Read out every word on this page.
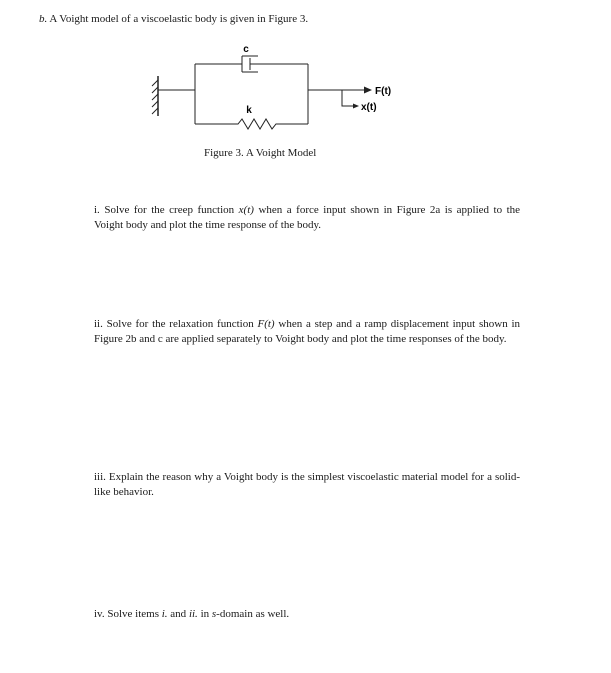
b. A Voight model of a viscoelastic body is given in Figure 3.
c
k
F(t)
x(t)
Figure 3. A Voight Model
i. Solve for the creep function x(t) when a force input shown in Figure 2a is applied to the Voight body and plot the time response of the body.
ii. Solve for the relaxation function F(t) when a step and a ramp displacement input shown in Figure 2b and c are applied separately to Voight body and plot the time responses of the body.
iii. Explain the reason why a Voight body is the simplest viscoelastic material model for a solid-like behavior.
iv. Solve items i. and ii. in s-domain as well.
